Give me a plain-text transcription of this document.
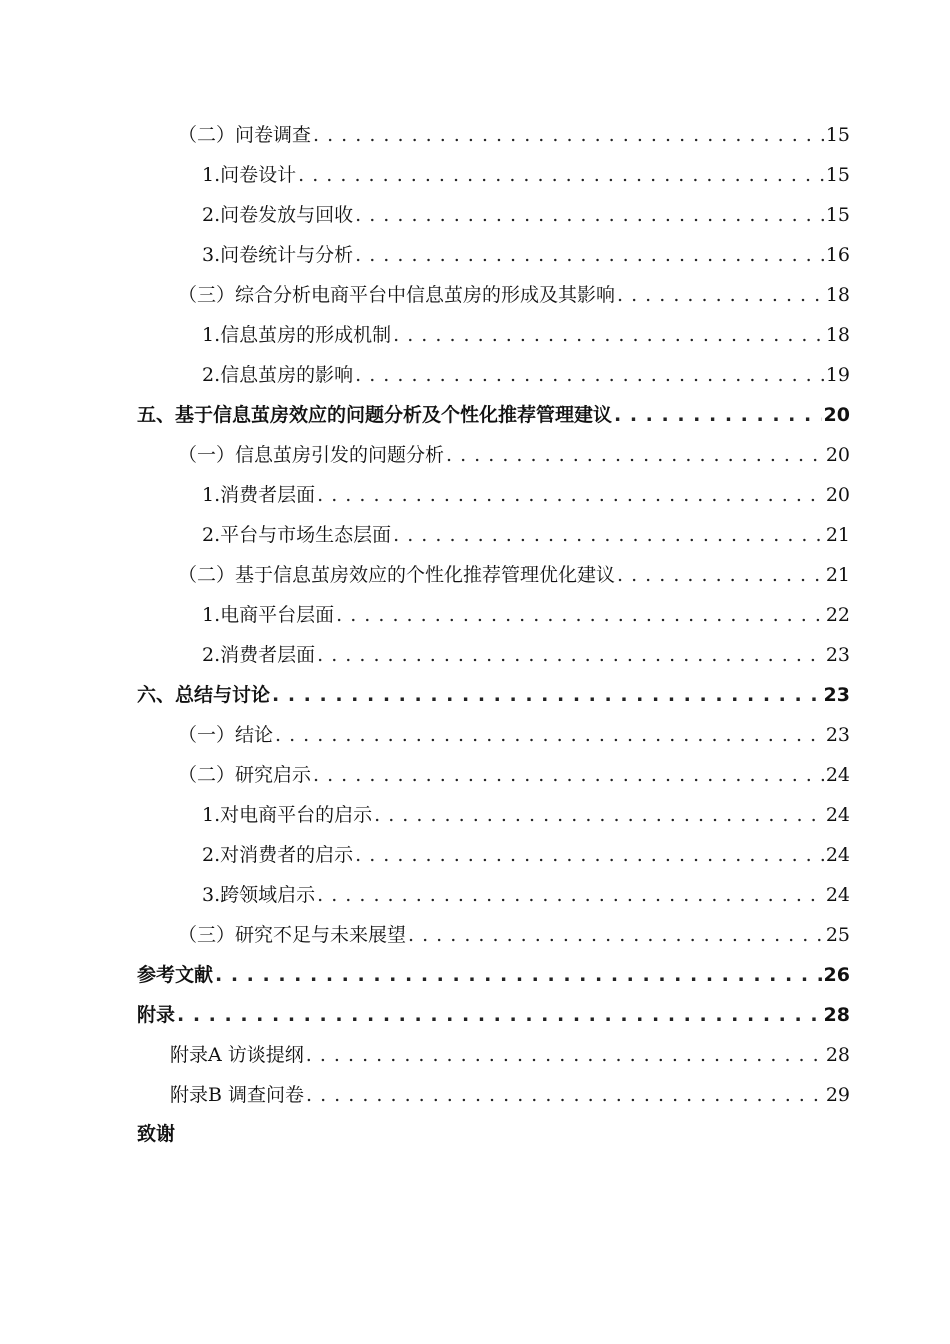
（二）问卷调查 . . .	15
1.问卷设计 . . .	15
2.问卷发放与回收 . . .	15
3.问卷统计与分析 . . .	16
（三）综合分析电商平台中信息茧房的形成及其影响 . . .	18
1.信息茧房的形成机制 . . .	18
2.信息茧房的影响 . . .	19
五、基于信息茧房效应的问题分析及个性化推荐管理建议 . . .	20
（一）信息茧房引发的问题分析 . . .	20
1.消费者层面 . . .	20
2.平台与市场生态层面 . . .	21
（二）基于信息茧房效应的个性化推荐管理优化建议 . . .	21
1.电商平台层面 . . .	22
2.消费者层面 . . .	23
六、总结与讨论 . . .	23
（一）结论 . . .	23
（二）研究启示 . . .	24
1.对电商平台的启示 . . .	24
2.对消费者的启示 . . .	24
3.跨领域启示 . . .	24
（三）研究不足与未来展望 . . .	25
参考文献 . . .	26
附录 . . .	28
附录A 访谈提纲 . . .	28
附录B 调查问卷 . . .	29
致谢
